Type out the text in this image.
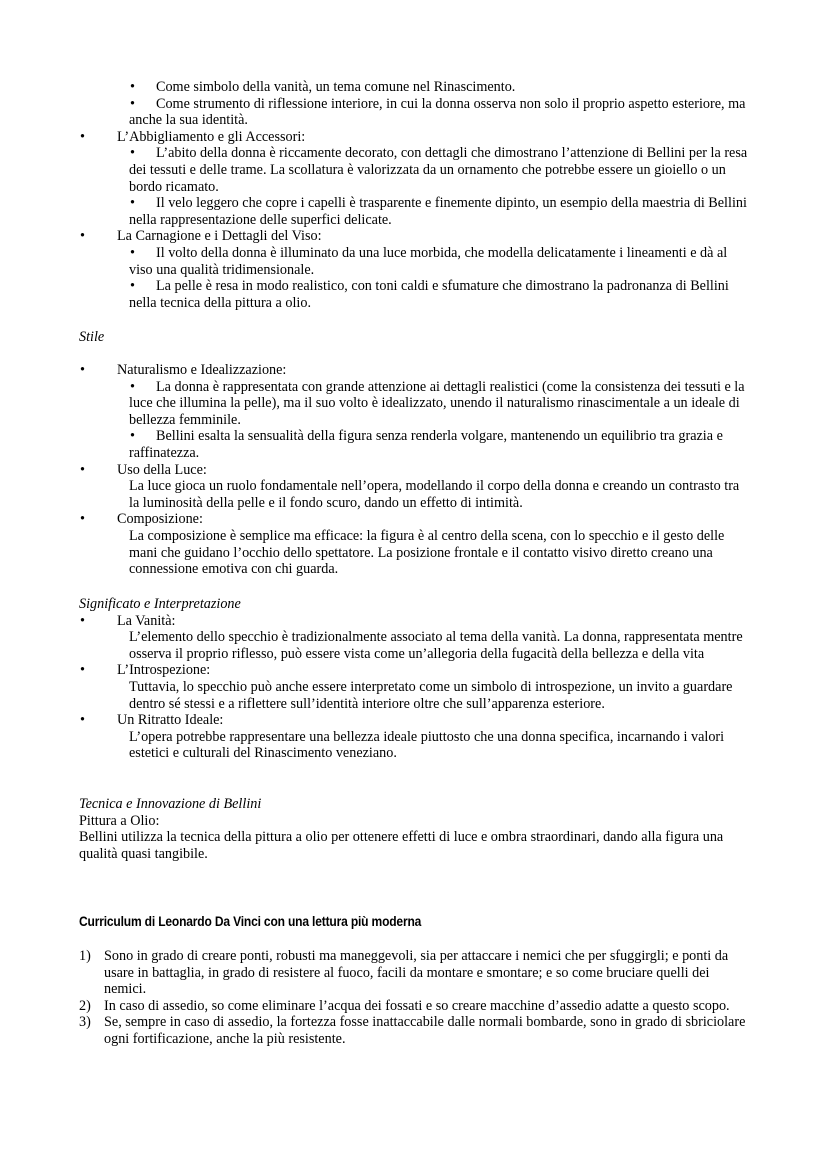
•	Come simbolo della vanità, un tema comune nel Rinascimento.
•	Come strumento di riflessione interiore, in cui la donna osserva non solo il proprio aspetto esteriore, ma anche la sua identità.
• L’Abbigliamento e gli Accessori:
•	L’abito della donna è riccamente decorato, con dettagli che dimostrano l’attenzione di Bellini per la resa dei tessuti e delle trame. La scollatura è valorizzata da un ornamento che potrebbe essere un gioiello o un bordo ricamato.
•	Il velo leggero che copre i capelli è trasparente e finemente dipinto, un esempio della maestria di Bellini nella rappresentazione delle superfici delicate.
• La Carnagione e i Dettagli del Viso:
•	Il volto della donna è illuminato da una luce morbida, che modella delicatamente i lineamenti e dà al viso una qualità tridimensionale.
•	La pelle è resa in modo realistico, con toni caldi e sfumature che dimostrano la padronanza di Bellini nella tecnica della pittura a olio.
Stile
• Naturalismo e Idealizzazione:
•	La donna è rappresentata con grande attenzione ai dettagli realistici (come la consistenza dei tessuti e la luce che illumina la pelle), ma il suo volto è idealizzato, unendo il naturalismo rinascimentale a un ideale di bellezza femminile.
•	Bellini esalta la sensualità della figura senza renderla volgare, mantenendo un equilibrio tra grazia e raffinatezza.
• Uso della Luce:
La luce gioca un ruolo fondamentale nell’opera, modellando il corpo della donna e creando un contrasto tra la luminosità della pelle e il fondo scuro, dando un effetto di intimità.
• Composizione:
La composizione è semplice ma efficace: la figura è al centro della scena, con lo specchio e il gesto delle mani che guidano l’occhio dello spettatore. La posizione frontale e il contatto visivo diretto creano una connessione emotiva con chi guarda.
Significato e Interpretazione
• La Vanità:
L’elemento dello specchio è tradizionalmente associato al tema della vanità. La donna, rappresentata mentre osserva il proprio riflesso, può essere vista come un’allegoria della fugacità della bellezza e della vita
• L’Introspezione:
Tuttavia, lo specchio può anche essere interpretato come un simbolo di introspezione, un invito a guardare dentro sé stessi e a riflettere sull’identità interiore oltre che sull’apparenza esteriore.
• Un Ritratto Ideale:
L’opera potrebbe rappresentare una bellezza ideale piuttosto che una donna specifica, incarnando i valori estetici e culturali del Rinascimento veneziano.
Tecnica e Innovazione di Bellini
Pittura a Olio:
Bellini utilizza la tecnica della pittura a olio per ottenere effetti di luce e ombra straordinari, dando alla figura una qualità quasi tangibile.
Curriculum di Leonardo Da Vinci con una lettura più moderna
1) Sono in grado di creare ponti, robusti ma maneggevoli, sia per attaccare i nemici che per sfuggirgli; e ponti da usare in battaglia, in grado di resistere al fuoco, facili da montare e smontare; e so come bruciare quelli dei nemici.
2) In caso di assedio, so come eliminare l’acqua dei fossati e so creare macchine d’assedio adatte a questo scopo.
3) Se, sempre in caso di assedio, la fortezza fosse inattaccabile dalle normali bombarde, sono in grado di sbriciolare ogni fortificazione, anche la più resistente.
